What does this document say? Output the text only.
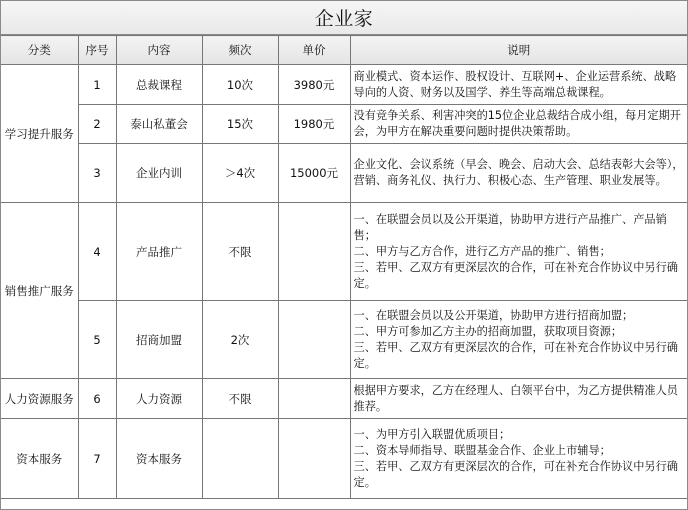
企业家
分类	序号	内容	频次	单价	说明
学习提升服务	1	总裁课程	10次	3980元	商业模式、资本运作、股权设计、互联网+、企业运营系统、战略导向的人资、财务以及国学、养生等高端总裁课程。
	2	泰山私董会	15次	1980元	没有竞争关系、利害冲突的15位企业总裁结合成小组，每月定期开会，为甲方在解决重要问题时提供决策帮助。
	3	企业内训	＞4次	15000元	企业文化、会议系统（早会、晚会、启动大会、总结表彰大会等），营销、商务礼仪、执行力、积极心态、生产管理、职业发展等。
销售推广服务	4	产品推广	不限		一、在联盟会员以及公开渠道，协助甲方进行产品推广、产品销售；
二、甲方与乙方合作，进行乙方产品的推广、销售；
三、若甲、乙双方有更深层次的合作，可在补充合作协议中另行确定。
	5	招商加盟	2次		一、在联盟会员以及公开渠道，协助甲方进行招商加盟；
二、甲方可参加乙方主办的招商加盟，获取项目资源；
三、若甲、乙双方有更深层次的合作，可在补充合作协议中另行确定。
人力资源服务	6	人力资源	不限		根据甲方要求，乙方在经理人、白领平台中，为乙方提供精准人员推荐。
资本服务	7	资本服务			一、为甲方引入联盟优质项目；
二、资本导师指导、联盟基金合作、企业上市辅导；
三、若甲、乙双方有更深层次的合作，可在补充合作协议中另行确定。
